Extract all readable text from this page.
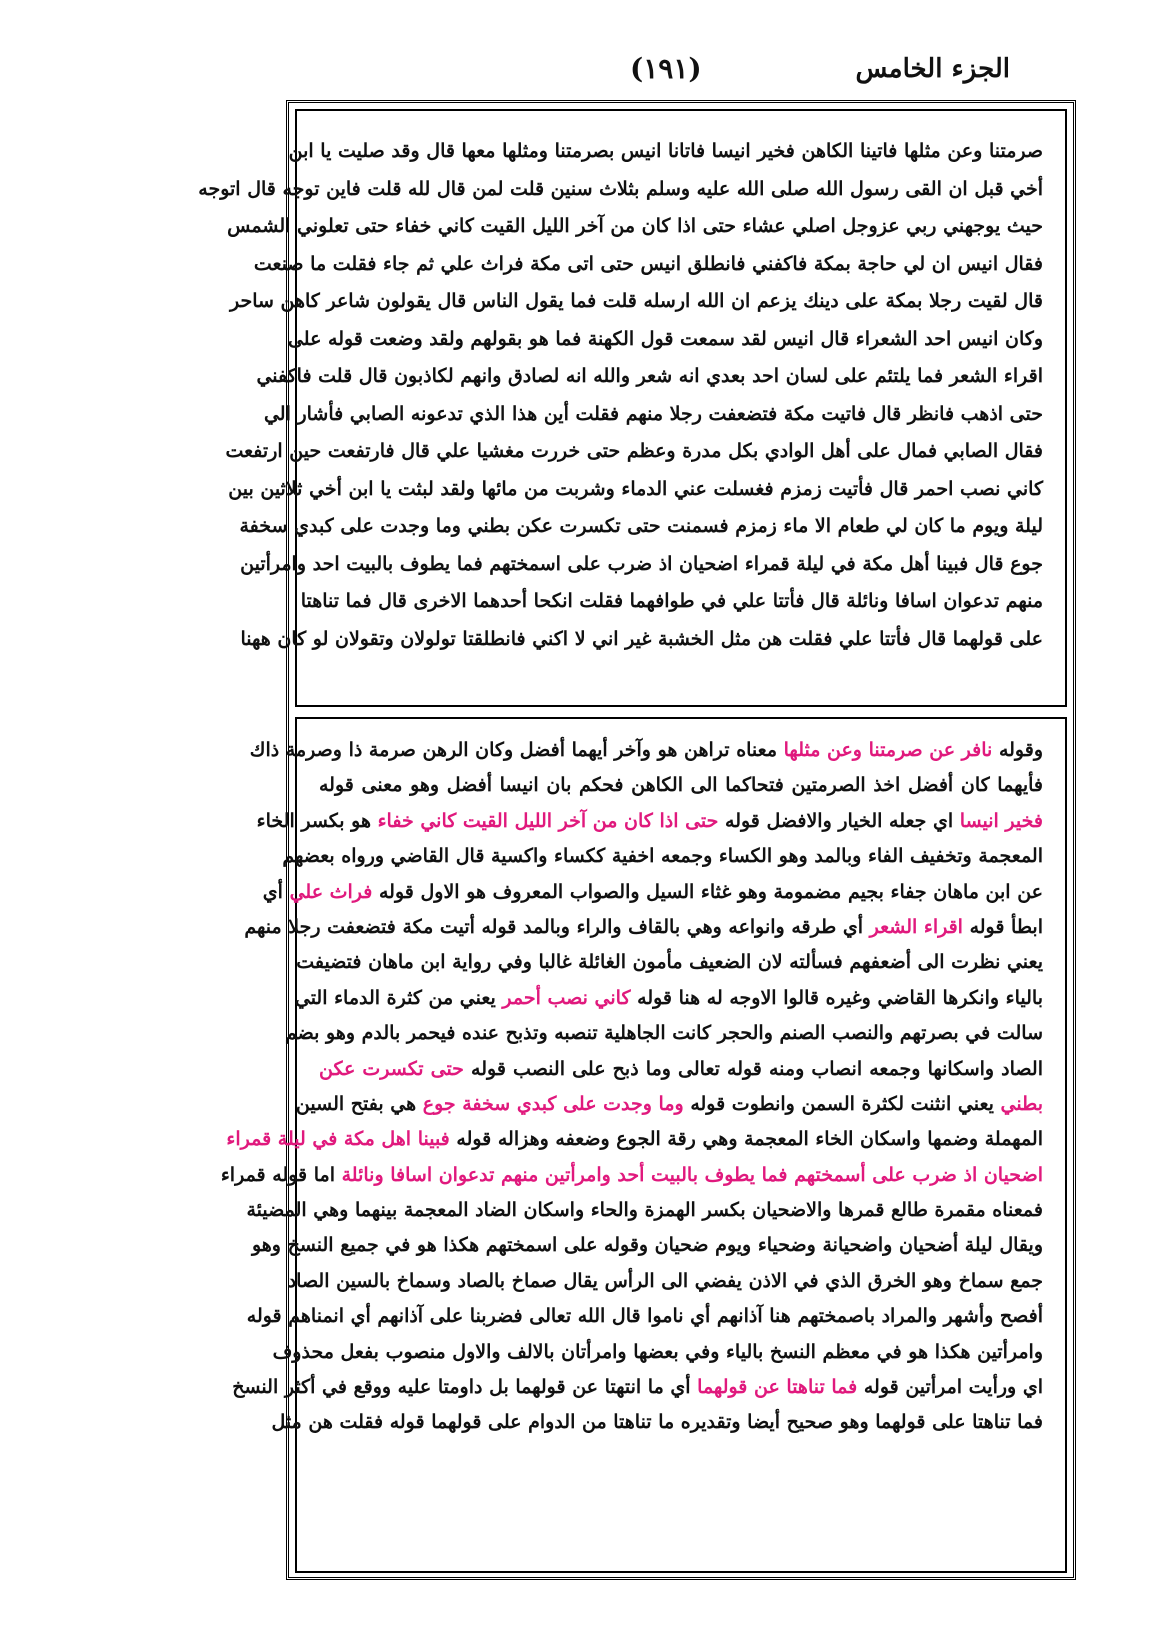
الجزء الخامس
(١٩١)
صرمتنا وعن مثلها فاتينا الكاهن فخير انيسا فاتانا انيس بصرمتنا ومثلها معها قال وقد صليت يا ابن
أخي قبل ان القى رسول الله صلى الله عليه وسلم بثلاث سنين قلت لمن قال لله قلت فاين توجه قال اتوجه
حيث يوجهني ربي عزوجل اصلي عشاء حتى اذا كان من آخر الليل القيت كاني خفاء حتى تعلوني الشمس
فقال انيس ان لي حاجة بمكة فاكفني فانطلق انيس حتى اتى مكة فراث علي ثم جاء فقلت ما صنعت
قال لقيت رجلا بمكة على دينك يزعم ان الله ارسله قلت فما يقول الناس قال يقولون شاعر كاهن ساحر
وكان انيس احد الشعراء قال انيس لقد سمعت قول الكهنة فما هو بقولهم ولقد وضعت قوله على
اقراء الشعر فما يلتئم على لسان احد بعدي انه شعر والله انه لصادق وانهم لكاذبون قال قلت فاكفني
حتى اذهب فانظر قال فاتيت مكة فتضعفت رجلا منهم فقلت أين هذا الذي تدعونه الصابي فأشار الي
فقال الصابي فمال على أهل الوادي بكل مدرة وعظم حتى خررت مغشيا علي قال فارتفعت حين ارتفعت
كاني نصب احمر قال فأتيت زمزم فغسلت عني الدماء وشربت من مائها ولقد لبثت يا ابن أخي ثلاثين بين
ليلة ويوم ما كان لي طعام الا ماء زمزم فسمنت حتى تكسرت عكن بطني وما وجدت على كبدي سخفة
جوع قال فبينا أهل مكة في ليلة قمراء اضحيان اذ ضرب على اسمختهم فما يطوف بالبيت احد وامرأتين
منهم تدعوان اسافا ونائلة قال فأتتا علي في طوافهما فقلت انكحا أحدهما الاخرى قال فما تناهتا
على قولهما قال فأتتا علي فقلت هن مثل الخشبة غير اني لا اكني فانطلقتا تولولان وتقولان لو كان ههنا
وقوله نافر عن صرمتنا وعن مثلها معناه تراهن هو وآخر أيهما أفضل وكان الرهن صرمة ذا وصرمة ذاك
فأيهما كان أفضل اخذ الصرمتين فتحاكما الى الكاهن فحكم بان انيسا أفضل وهو معنى قوله
فخير انيسا اي جعله الخيار والافضل قوله حتى اذا كان من آخر الليل القيت كاني خفاء هو بكسر الخاء
المعجمة وتخفيف الفاء وبالمد وهو الكساء وجمعه اخفية ككساء واكسية قال القاضي ورواه بعضهم
عن ابن ماهان جفاء بجيم مضمومة وهو غثاء السيل والصواب المعروف هو الاول قوله فراث علي أي
ابطأ قوله اقراء الشعر أي طرقه وانواعه وهي بالقاف والراء وبالمد قوله أتيت مكة فتضعفت رجلا منهم
يعني نظرت الى أضعفهم فسألته لان الضعيف مأمون الغائلة غالبا وفي رواية ابن ماهان فتضيفت
بالياء وانكرها القاضي وغيره قالوا الاوجه له هنا قوله كاني نصب أحمر يعني من كثرة الدماء التي
سالت في بصرتهم والنصب الصنم والحجر كانت الجاهلية تنصبه وتذبح عنده فيحمر بالدم وهو بضم
الصاد واسكانها وجمعه انصاب ومنه قوله تعالى وما ذبح على النصب قوله حتى تكسرت عكن
بطني يعني انثنت لكثرة السمن وانطوت قوله وما وجدت على كبدي سخفة جوع هي بفتح السين
المهملة وضمها واسكان الخاء المعجمة وهي رقة الجوع وضعفه وهزاله قوله فبينا اهل مكة في ليلة قمراء
اضحيان اذ ضرب على أسمختهم فما يطوف بالبيت أحد وامرأتين منهم تدعوان اسافا ونائلة اما قوله قمراء
فمعناه مقمرة طالع قمرها والاضحيان بكسر الهمزة والحاء واسكان الضاد المعجمة بينهما وهي المضيئة
ويقال ليلة أضحيان واضحيانة وضحياء ويوم ضحيان وقوله على اسمختهم هكذا هو في جميع النسخ وهو
جمع سماخ وهو الخرق الذي في الاذن يفضي الى الرأس يقال صماخ بالصاد وسماخ بالسين الصاد
أفصح وأشهر والمراد باصمختهم هنا آذانهم أي ناموا قال الله تعالى فضربنا على آذانهم أي انمناهم قوله
وامرأتين هكذا هو في معظم النسخ بالياء وفي بعضها وامرأتان بالالف والاول منصوب بفعل محذوف
اي ورأيت امرأتين قوله فما تناهتا عن قولهما أي ما انتهتا عن قولهما بل داومتا عليه ووقع في أكثر النسخ
فما تناهتا على قولهما وهو صحيح أيضا وتقديره ما تناهتا من الدوام على قولهما قوله فقلت هن مثل
